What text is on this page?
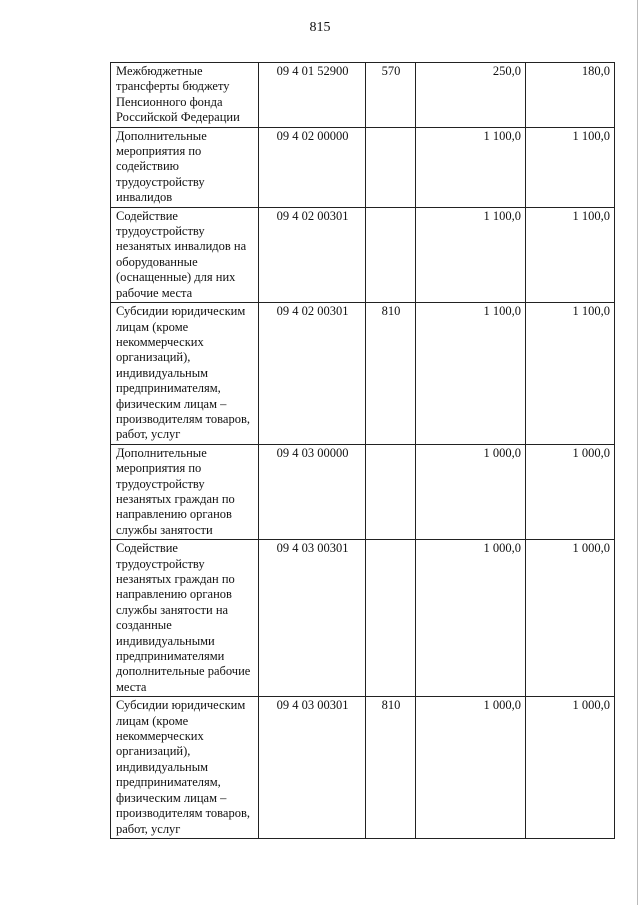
815
Межбюджетные трансферты бюджету Пенсионного фонда Российской Федерации	09 4 01 52900	570	250,0	180,0
Дополнительные мероприятия по содействию трудоустройству инвалидов	09 4 02 00000		1 100,0	1 100,0
Содействие трудоустройству незанятых инвалидов на оборудованные (оснащенные) для них рабочие места	09 4 02 00301		1 100,0	1 100,0
Субсидии юридическим лицам (кроме некоммерческих организаций), индивидуальным предпринимателям, физическим лицам – производителям товаров, работ, услуг	09 4 02 00301	810	1 100,0	1 100,0
Дополнительные мероприятия по трудоустройству незанятых граждан по направлению органов службы занятости	09 4 03 00000		1 000,0	1 000,0
Содействие трудоустройству незанятых граждан по направлению органов службы занятости на созданные индивидуальными предпринимателями дополнительные рабочие места	09 4 03 00301		1 000,0	1 000,0
Субсидии юридическим лицам (кроме некоммерческих организаций), индивидуальным предпринимателям, физическим лицам – производителям товаров, работ, услуг	09 4 03 00301	810	1 000,0	1 000,0
